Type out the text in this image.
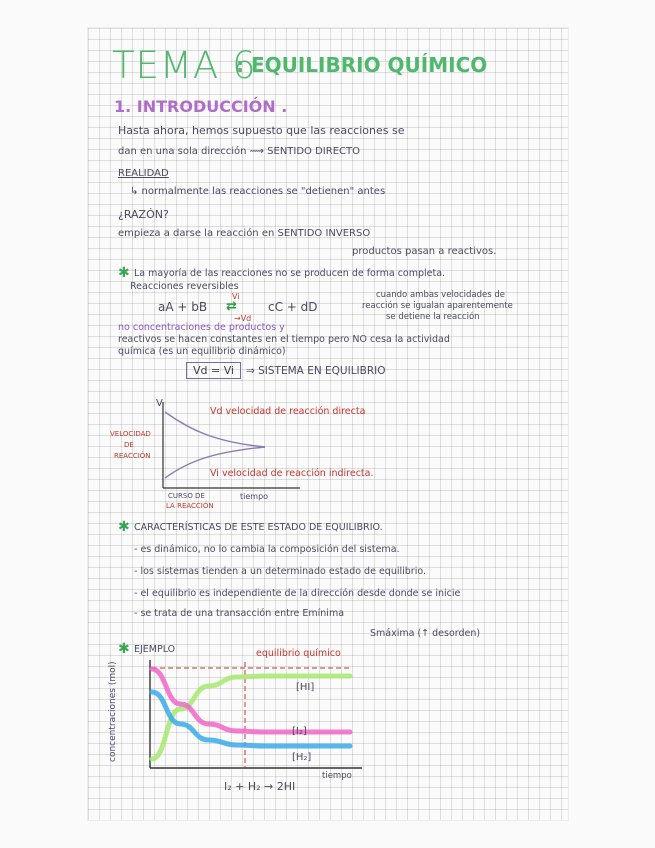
TEMA 6
: EQUILIBRIO QUÍMICO
1. INTRODUCCIÓN .
Hasta ahora, hemos supuesto que las reacciones se
dan en una sola dirección ⟿ SENTIDO DIRECTO
REALIDAD
↳ normalmente las reacciones se "detienen" antes
¿RAZÓN?
empieza a darse la reacción en SENTIDO INVERSO
productos pasan a reactivos.
✱ La mayoría de las reacciones no se producen de forma completa.
Reacciones reversibles
aA + bB
Vi
⇄
→Vd
cC + dD
cuando ambas velocidades de
reacción se igualan aparentemente
se detiene la reacción
no concentraciones de productos y
reactivos se hacen constantes en el tiempo pero NO cesa la actividad
química (es un equilibrio dinámico)
Vd = Vi	⇒ SISTEMA EN EQUILIBRIO
V
VELOCIDAD
DE
REACCIÓN
CURSO DE
LA REACCIÓN
tiempo
Vd velocidad de reacción directa
Vi velocidad de reacción indirecta.
✱ CARACTERÍSTICAS DE ESTE ESTADO DE EQUILIBRIO.
- es dinámico, no lo cambia la composición del sistema.
- los sistemas tienden a un determinado estado de equilibrio.
- el equilibrio es independiente de la dirección desde donde se inicie
- se trata de una transacción entre Emínima
Smáxima (↑ desorden)
✱ EJEMPLO	equilibrio químico
concentraciones (mol)
tiempo
[HI]
[I₂]
[H₂]
I₂ + H₂ → 2HI
